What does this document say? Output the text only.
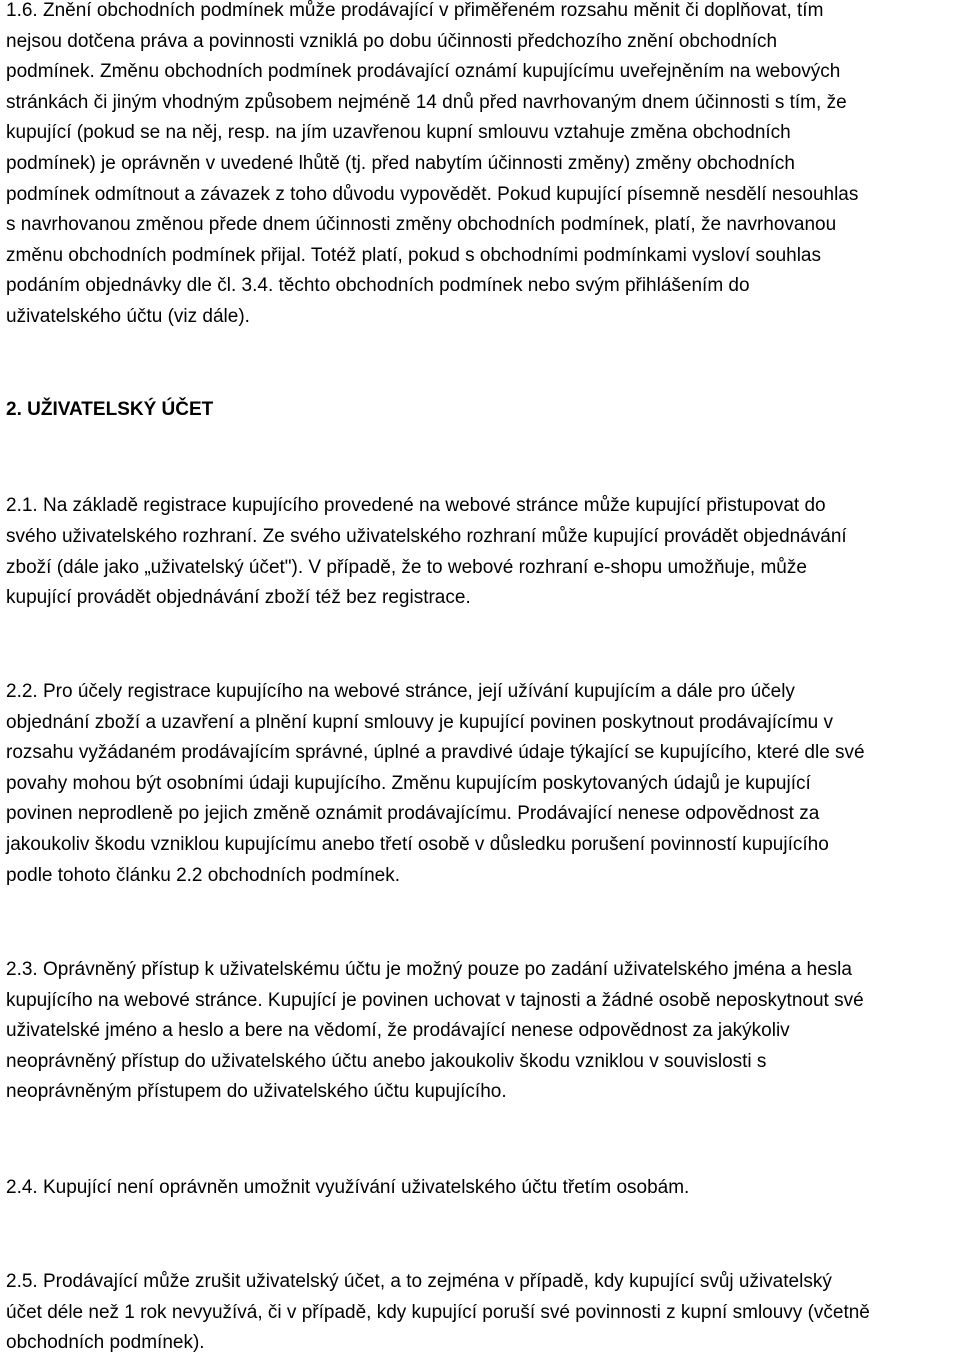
1.6. Znění obchodních podmínek může prodávající v přiměřeném rozsahu měnit či doplňovat, tím
nejsou dotčena práva a povinnosti vzniklá po dobu účinnosti předchozího znění obchodních
podmínek. Změnu obchodních podmínek prodávající oznámí kupujícímu uveřejněním na webových
stránkách či jiným vhodným způsobem nejméně 14 dnů před navrhovaným dnem účinnosti s tím, že
kupující (pokud se na něj, resp. na jím uzavřenou kupní smlouvu vztahuje změna obchodních
podmínek) je oprávněn v uvedené lhůtě (tj. před nabytím účinnosti změny) změny obchodních
podmínek odmítnout a závazek z toho důvodu vypovědět. Pokud kupující písemně nesdělí nesouhlas
s navrhovanou změnou přede dnem účinnosti změny obchodních podmínek, platí, že navrhovanou
změnu obchodních podmínek přijal. Totéž platí, pokud s obchodními podmínkami vysloví souhlas
podáním objednávky dle čl. 3.4. těchto obchodních podmínek nebo svým přihlášením do
uživatelského účtu (viz dále).
2. UŽIVATELSKÝ ÚČET
2.1. Na základě registrace kupujícího provedené na webové stránce může kupující přistupovat do
svého uživatelského rozhraní. Ze svého uživatelského rozhraní může kupující provádět objednávání
zboží (dále jako „uživatelský účet"). V případě, že to webové rozhraní e-shopu umožňuje, může
kupující provádět objednávání zboží též bez registrace.
2.2. Pro účely registrace kupujícího na webové stránce, její užívání kupujícím a dále pro účely
objednání zboží a uzavření a plnění kupní smlouvy je kupující povinen poskytnout prodávajícímu v
rozsahu vyžádaném prodávajícím správné, úplné a pravdivé údaje týkající se kupujícího, které dle své
povahy mohou být osobními údaji kupujícího. Změnu kupujícím poskytovaných údajů je kupující
povinen neprodleně po jejich změně oznámit prodávajícímu. Prodávající nenese odpovědnost za
jakoukoliv škodu vzniklou kupujícímu anebo třetí osobě v důsledku porušení povinností kupujícího
podle tohoto článku 2.2 obchodních podmínek.
2.3. Oprávněný přístup k uživatelskému účtu je možný pouze po zadání uživatelského jména a hesla
kupujícího na webové stránce. Kupující je povinen uchovat v tajnosti a žádné osobě neposkytnout své
uživatelské jméno a heslo a bere na vědomí, že prodávající nenese odpovědnost za jakýkoliv
neoprávněný přístup do uživatelského účtu anebo jakoukoliv škodu vzniklou v souvislosti s
neoprávněným přístupem do uživatelského účtu kupujícího.
2.4. Kupující není oprávněn umožnit využívání uživatelského účtu třetím osobám.
2.5. Prodávající může zrušit uživatelský účet, a to zejména v případě, kdy kupující svůj uživatelský
účet déle než 1 rok nevyužívá, či v případě, kdy kupující poruší své povinnosti z kupní smlouvy (včetně
obchodních podmínek).
